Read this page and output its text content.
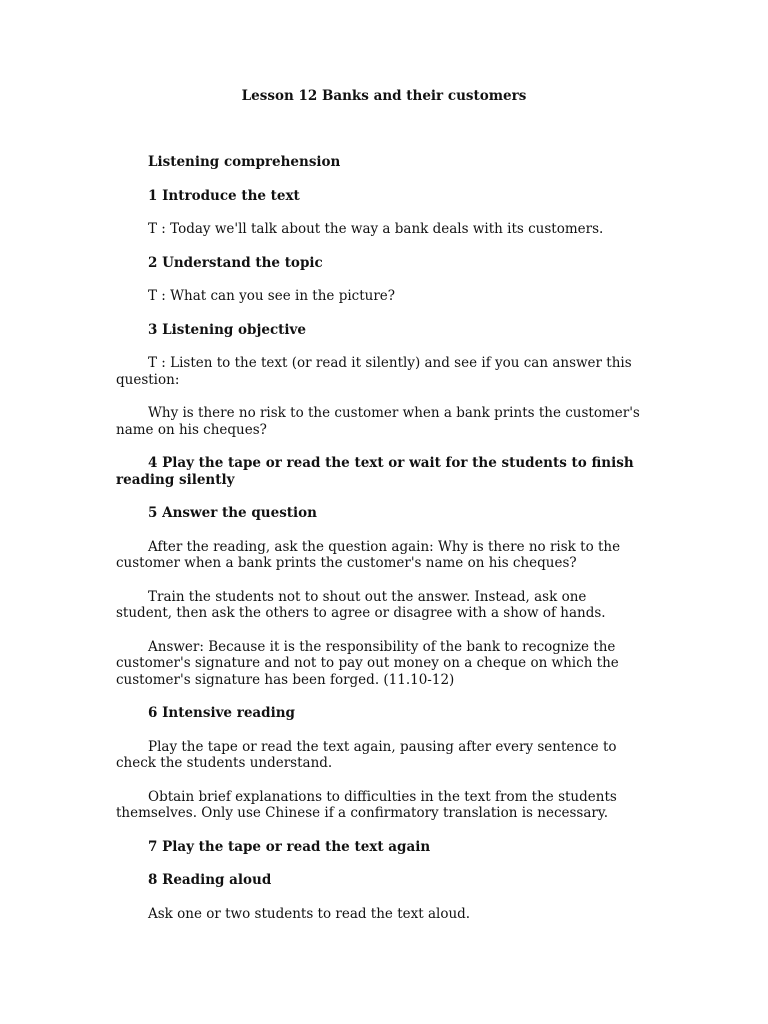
Lesson 12 Banks and their customers

Listening comprehension

1 Introduce the text

T : Today we'll talk about the way a bank deals with its customers.

2 Understand the topic

T : What can you see in the picture?

3 Listening objective

T : Listen to the text (or read it silently) and see if you can answer this question:

Why is there no risk to the customer when a bank prints the customer's name on his cheques?

4 Play the tape or read the text or wait for the students to finish reading silently

5 Answer the question

After the reading, ask the question again: Why is there no risk to the customer when a bank prints the customer's name on his cheques?

Train the students not to shout out the answer. Instead, ask one student, then ask the others to agree or disagree with a show of hands.

Answer: Because it is the responsibility of the bank to recognize the customer's signature and not to pay out money on a cheque on which the customer's signature has been forged. (11.10-12)

6 Intensive reading

Play the tape or read the text again, pausing after every sentence to check the students understand.

Obtain brief explanations to difficulties in the text from the students themselves. Only use Chinese if a confirmatory translation is necessary.

7 Play the tape or read the text again

8 Reading aloud

Ask one or two students to read the text aloud.
